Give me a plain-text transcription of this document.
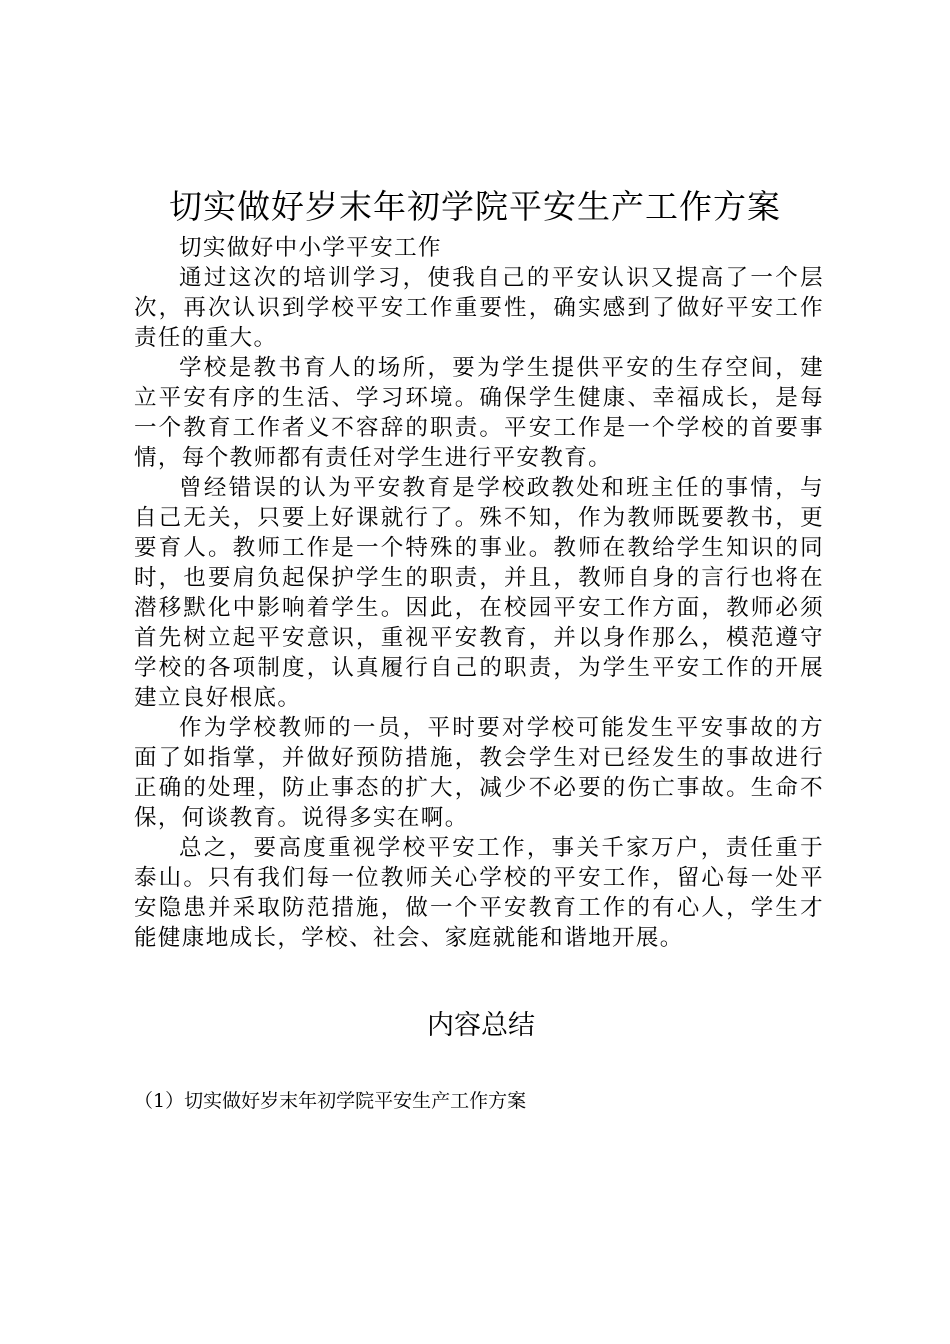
切实做好岁末年初学院平安生产工作方案

切实做好中小学平安工作

通过这次的培训学习，使我自己的平安认识又提高了一个层次，再次认识到学校平安工作重要性，确实感到了做好平安工作责任的重大。

学校是教书育人的场所，要为学生提供平安的生存空间，建立平安有序的生活、学习环境。确保学生健康、幸福成长，是每一个教育工作者义不容辞的职责。平安工作是一个学校的首要事情，每个教师都有责任对学生进行平安教育。

曾经错误的认为平安教育是学校政教处和班主任的事情，与自己无关，只要上好课就行了。殊不知，作为教师既要教书，更要育人。教师工作是一个特殊的事业。教师在教给学生知识的同时，也要肩负起保护学生的职责，并且，教师自身的言行也将在潜移默化中影响着学生。因此，在校园平安工作方面，教师必须首先树立起平安意识，重视平安教育，并以身作那么，模范遵守学校的各项制度，认真履行自己的职责，为学生平安工作的开展建立良好根底。

作为学校教师的一员，平时要对学校可能发生平安事故的方面了如指掌，并做好预防措施，教会学生对已经发生的事故进行正确的处理，防止事态的扩大，减少不必要的伤亡事故。生命不保，何谈教育。说得多实在啊。

总之，要高度重视学校平安工作，事关千家万户，责任重于泰山。只有我们每一位教师关心学校的平安工作，留心每一处平安隐患并采取防范措施，做一个平安教育工作的有心人，学生才能健康地成长，学校、社会、家庭就能和谐地开展。

内容总结
（1）切实做好岁末年初学院平安生产工作方案
